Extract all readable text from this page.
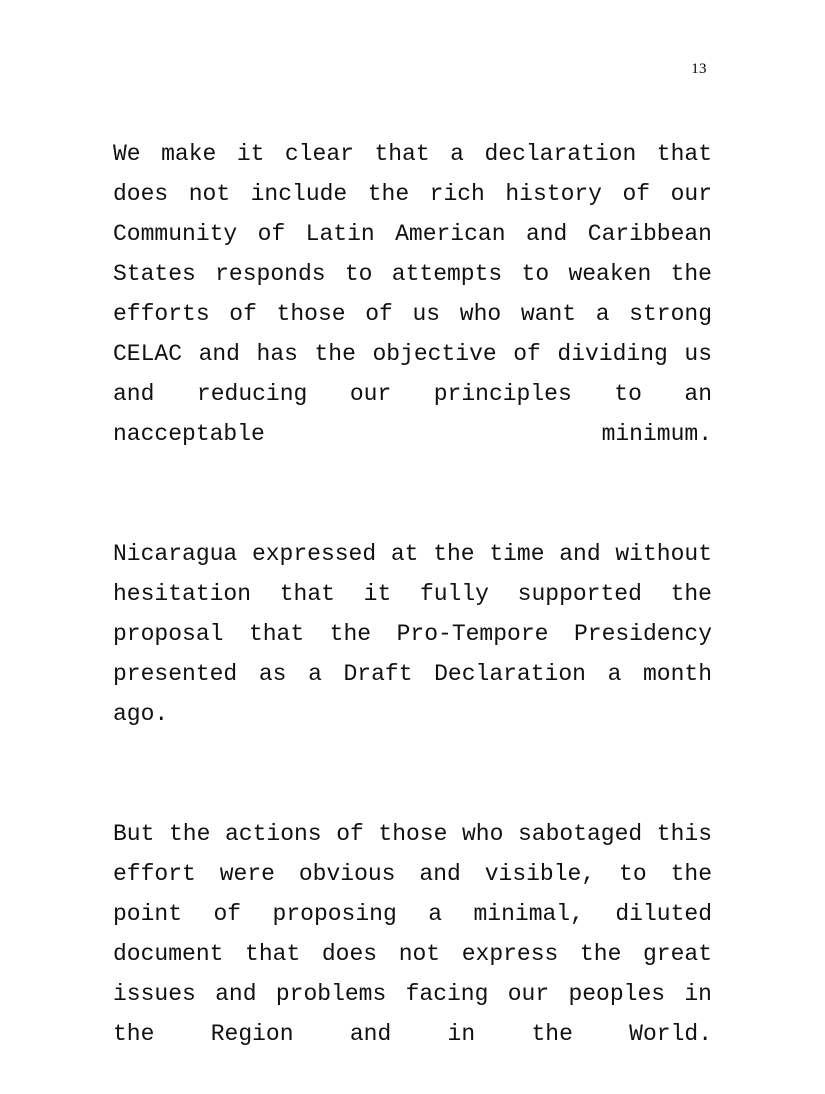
13

We make it clear that a declaration that does not include the rich history of our Community of Latin American and Caribbean States responds to attempts to weaken the efforts of those of us who want a strong CELAC and has the objective of dividing us and reducing our principles to an nacceptable minimum.

Nicaragua expressed at the time and without hesitation that it fully supported the proposal that the Pro-Tempore Presidency presented as a Draft Declaration a month ago.

But the actions of those who sabotaged this effort were obvious and visible, to the point of proposing a minimal, diluted document that does not express the great issues and problems facing our peoples in the Region and in the World.
